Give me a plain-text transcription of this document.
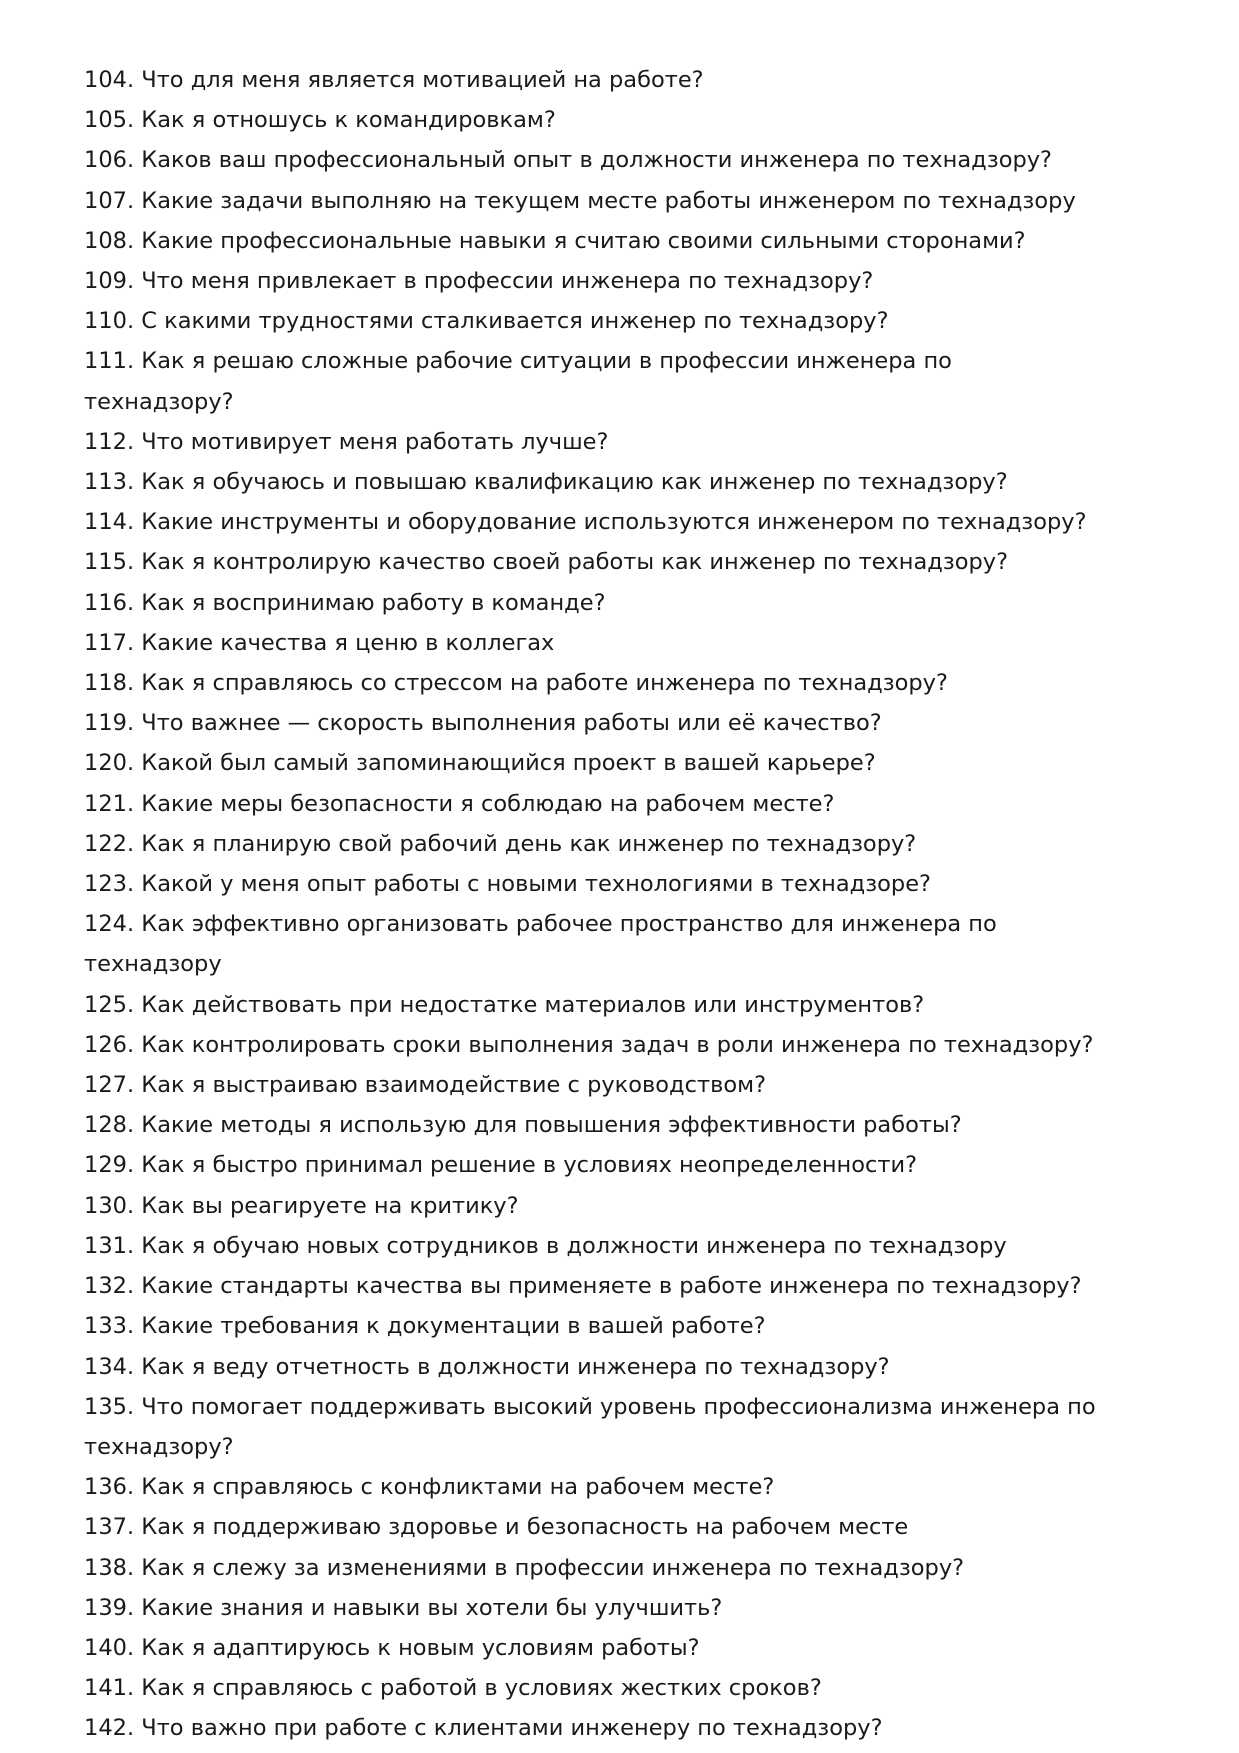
104. Что для меня является мотивацией на работе?
105. Как я отношусь к командировкам?
106. Каков ваш профессиональный опыт в должности инженера по технадзору?
107. Какие задачи выполняю на текущем месте работы инженером по технадзору
108. Какие профессиональные навыки я считаю своими сильными сторонами?
109. Что меня привлекает в профессии инженера по технадзору?
110. С какими трудностями сталкивается инженер по технадзору?
111. Как я решаю сложные рабочие ситуации в профессии инженера по технадзору?
112. Что мотивирует меня работать лучше?
113. Как я обучаюсь и повышаю квалификацию как инженер по технадзору?
114. Какие инструменты и оборудование используются инженером по технадзору?
115. Как я контролирую качество своей работы как инженер по технадзору?
116. Как я воспринимаю работу в команде?
117. Какие качества я ценю в коллегах
118. Как я справляюсь со стрессом на работе инженера по технадзору?
119. Что важнее — скорость выполнения работы или её качество?
120. Какой был самый запоминающийся проект в вашей карьере?
121. Какие меры безопасности я соблюдаю на рабочем месте?
122. Как я планирую свой рабочий день как инженер по технадзору?
123. Какой у меня опыт работы с новыми технологиями в технадзоре?
124. Как эффективно организовать рабочее пространство для инженера по технадзору
125. Как действовать при недостатке материалов или инструментов?
126. Как контролировать сроки выполнения задач в роли инженера по технадзору?
127. Как я выстраиваю взаимодействие с руководством?
128. Какие методы я использую для повышения эффективности работы?
129. Как я быстро принимал решение в условиях неопределенности?
130. Как вы реагируете на критику?
131. Как я обучаю новых сотрудников в должности инженера по технадзору
132. Какие стандарты качества вы применяете в работе инженера по технадзору?
133. Какие требования к документации в вашей работе?
134. Как я веду отчетность в должности инженера по технадзору?
135. Что помогает поддерживать высокий уровень профессионализма инженера по технадзору?
136. Как я справляюсь с конфликтами на рабочем месте?
137. Как я поддерживаю здоровье и безопасность на рабочем месте
138. Как я слежу за изменениями в профессии инженера по технадзору?
139. Какие знания и навыки вы хотели бы улучшить?
140. Как я адаптируюсь к новым условиям работы?
141. Как я справляюсь с работой в условиях жестких сроков?
142. Что важно при работе с клиентами инженеру по технадзору?
